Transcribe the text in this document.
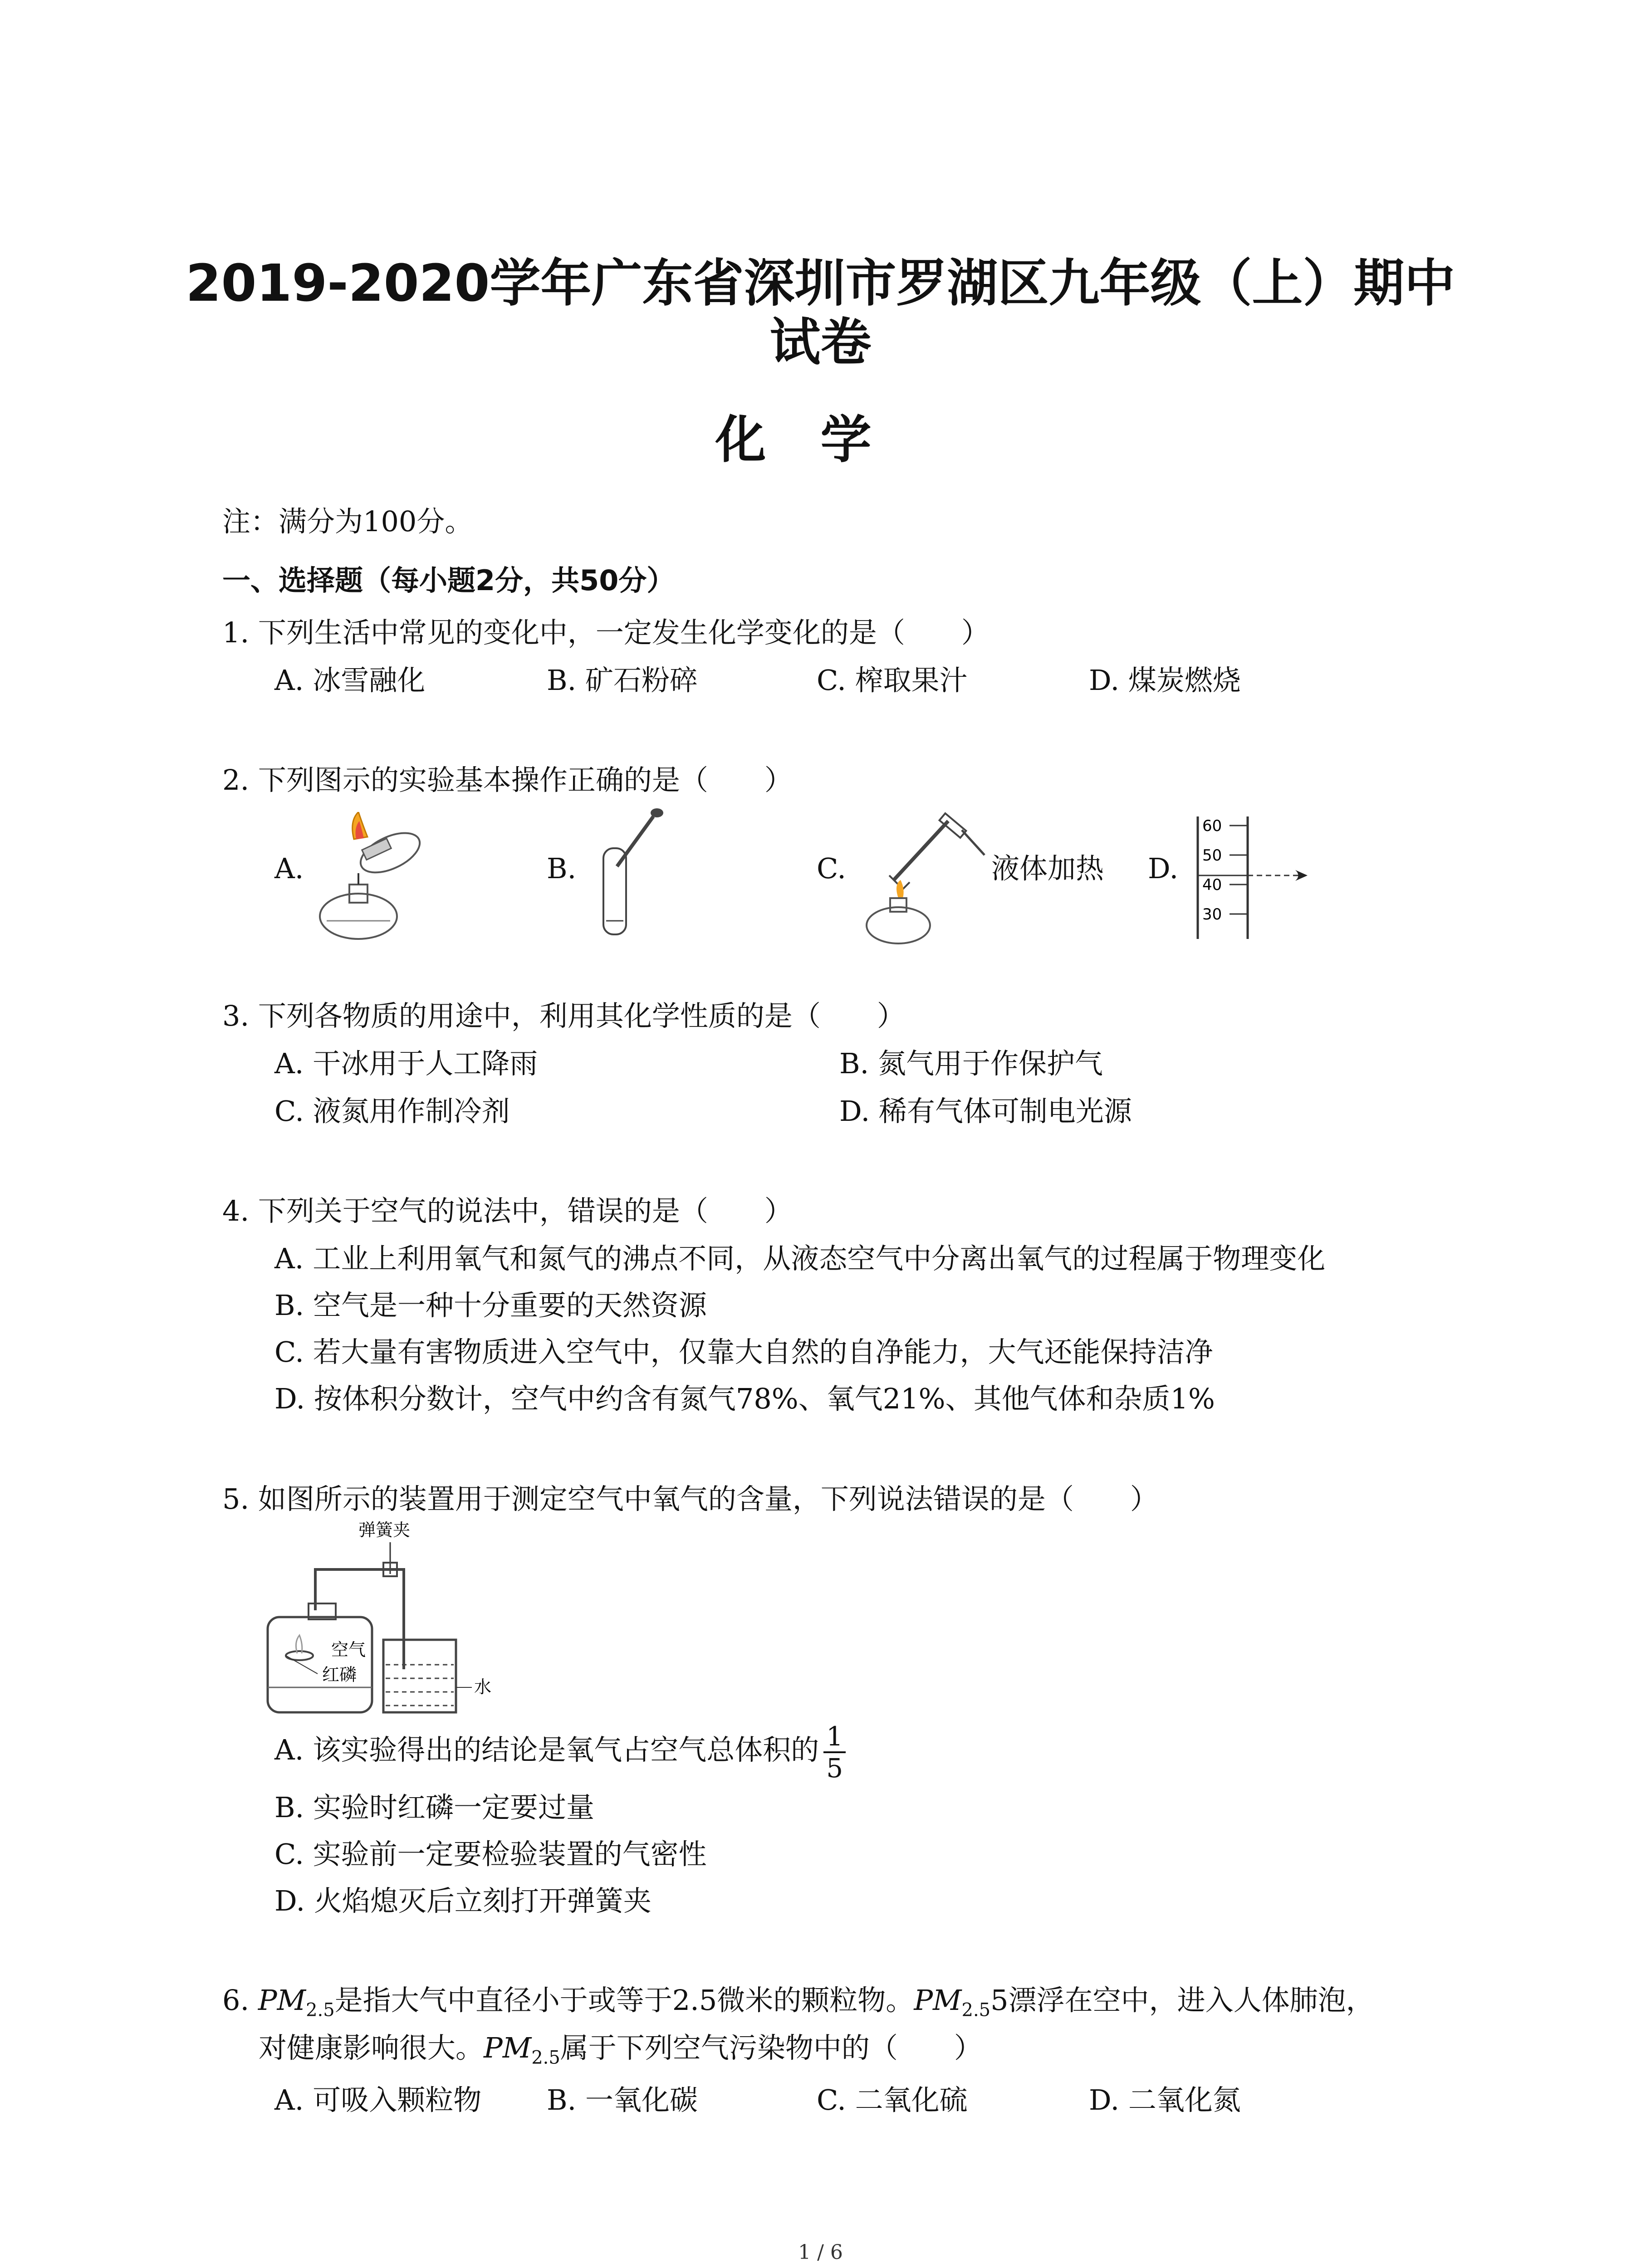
2019-2020学年广东省深圳市罗湖区九年级（上）期中
试卷
化学
注：满分为100分。
一、选择题（每小题2分，共50分）
1. 下列生活中常见的变化中，一定发生化学变化的是（　　）
A. 冰雪融化	B. 矿石粉碎	C. 榨取果汁	D. 煤炭燃烧
2. 下列图示的实验基本操作正确的是（　　）
A.	B.	C.	液体加热 D.
60
50
40
30
3. 下列各物质的用途中，利用其化学性质的是（　　）
A. 干冰用于人工降雨	B. 氮气用于作保护气
C. 液氮用作制冷剂	D. 稀有气体可制电光源
4. 下列关于空气的说法中，错误的是（　　）
A. 工业上利用氧气和氮气的沸点不同，从液态空气中分离出氧气的过程属于物理变化
B. 空气是一种十分重要的天然资源
C. 若大量有害物质进入空气中，仅靠大自然的自净能力，大气还能保持洁净
D. 按体积分数计，空气中约含有氮气78%、氧气21%、其他气体和杂质1%
5. 如图所示的装置用于测定空气中氧气的含量，下列说法错误的是（　　）
弹簧夹
空气
红磷
水
A. 该实验得出的结论是氧气占空气总体积的 $\frac{1}{5}$
B. 实验时红磷一定要过量
C. 实验前一定要检验装置的气密性
D. 火焰熄灭后立刻打开弹簧夹
6. $PM_{2.5}$是指大气中直径小于或等于2.5微米的颗粒物。$PM_{2.5}5$漂浮在空中，进入人体肺泡，
对健康影响很大。$PM_{2.5}$属于下列空气污染物中的（　　）
A. 可吸入颗粒物 B. 一氧化碳	C. 二氧化硫	D. 二氧化氮
1 / 6
